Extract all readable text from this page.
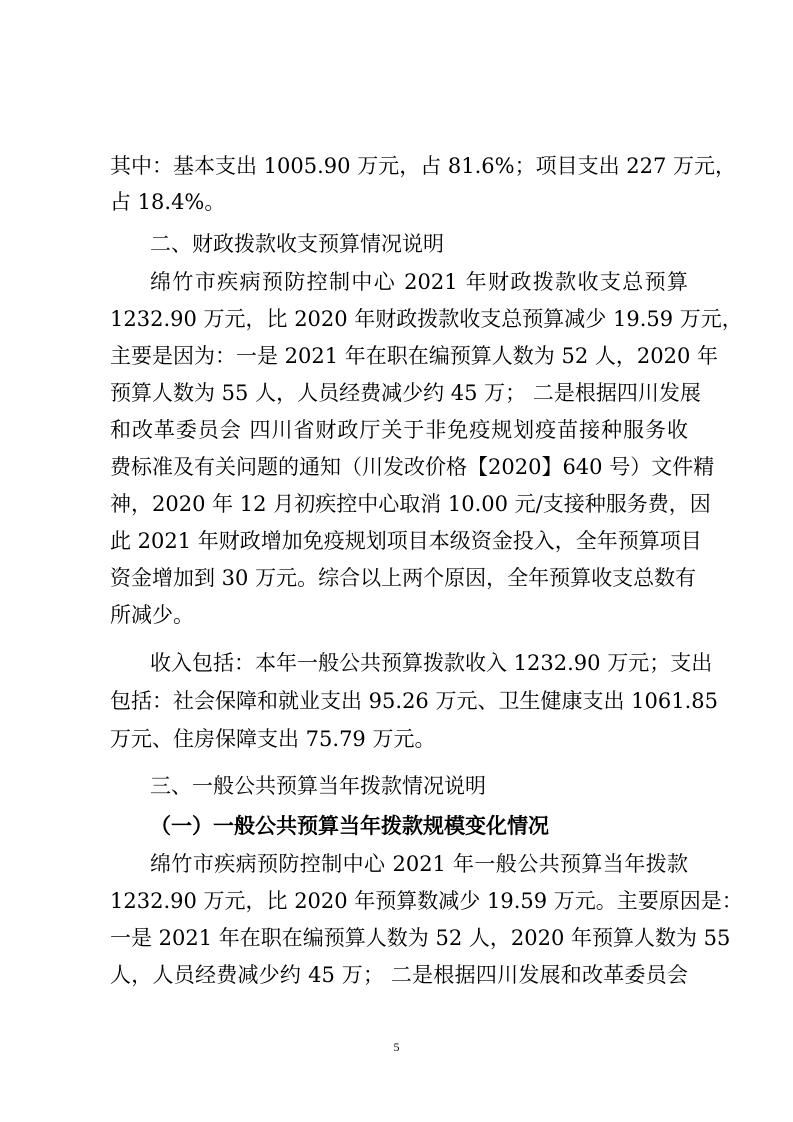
其中：基本支出 1005.90 万元，占 81.6%；项目支出 227 万元，
占 18.4%。
二、财政拨款收支预算情况说明
绵竹市疾病预防控制中心 2021 年财政拨款收支总预算
1232.90 万元，比 2020 年财政拨款收支总预算减少 19.59 万元，
主要是因为：一是 2021 年在职在编预算人数为 52 人，2020 年
预算人数为 55 人，人员经费减少约 45 万； 二是根据四川发展
和改革委员会 四川省财政厅关于非免疫规划疫苗接种服务收
费标准及有关问题的通知（川发改价格【2020】640 号）文件精
神，2020 年 12 月初疾控中心取消 10.00 元/支接种服务费，因
此 2021 年财政增加免疫规划项目本级资金投入，全年预算项目
资金增加到 30 万元。综合以上两个原因，全年预算收支总数有
所减少。
收入包括：本年一般公共预算拨款收入 1232.90 万元；支出
包括：社会保障和就业支出 95.26 万元、卫生健康支出 1061.85
万元、住房保障支出 75.79 万元。
三、一般公共预算当年拨款情况说明
（一）一般公共预算当年拨款规模变化情况
绵竹市疾病预防控制中心 2021 年一般公共预算当年拨款
1232.90 万元，比 2020 年预算数减少 19.59 万元。主要原因是：
一是 2021 年在职在编预算人数为 52 人，2020 年预算人数为 55
人，人员经费减少约 45 万； 二是根据四川发展和改革委员会
5
